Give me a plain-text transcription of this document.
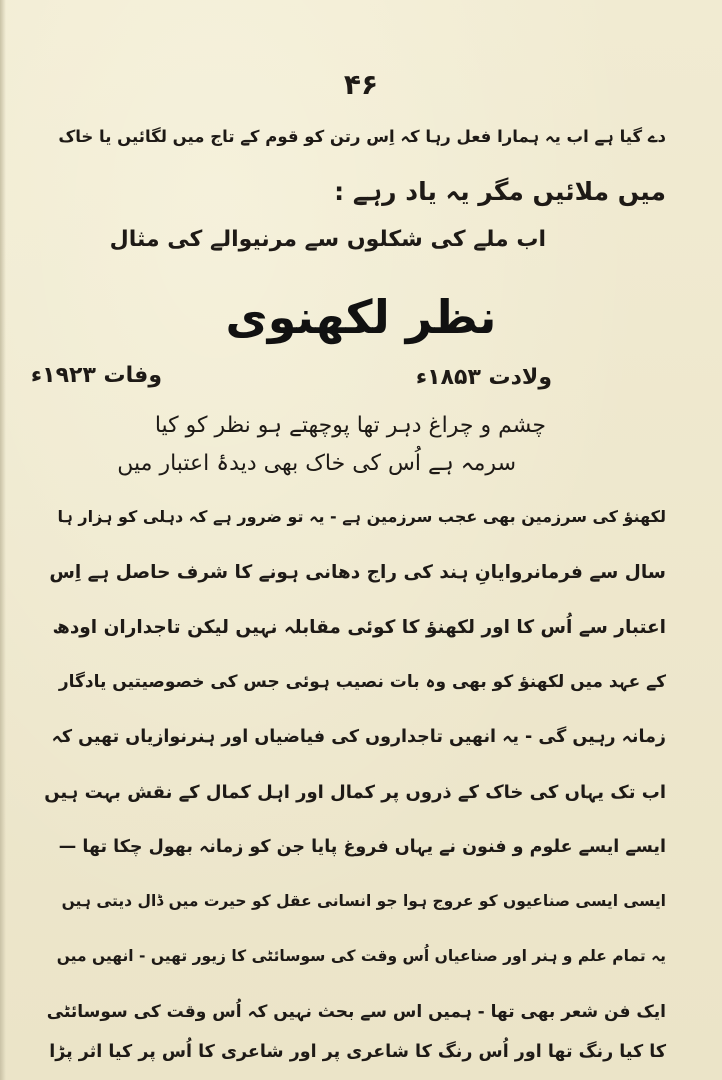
۴۶
دے گیا ہے اب یہ ہمارا فعل رہا کہ اِس رتن کو قوم کے تاج میں لگائیں یا خاک
میں ملائیں مگر یہ یاد رہے :
اب ملے کی شکلوں سے مرنیوالے کی مثال
نظر لکھنوی
ولادت ۱۸۵۳ء
وفات ۱۹۲۳ء
چشم و چراغ دہر تھا پوچھتے ہو نظر کو کیا
سرمہ ہے اُس کی خاک بھی دیدۂ اعتبار میں
لکھنؤ کی سرزمین بھی عجب سرزمین ہے - یہ تو ضرور ہے کہ دہلی کو ہزار ہا
سال سے فرمانروایانِ ہند کی راج دھانی ہونے کا شرف حاصل ہے اِس
اعتبار سے اُس کا اور لکھنؤ کا کوئی مقابلہ نہیں لیکن تاجداران اودھ
کے عہد میں لکھنؤ کو بھی وہ بات نصیب ہوئی جس کی خصوصیتیں یادگار
زمانہ رہیں گی - یہ انھیں تاجداروں کی فیاضیاں اور ہنرنوازیاں تھیں کہ
اب تک یہاں کی خاک کے ذروں پر کمال اور اہل کمال کے نقش بہت ہیں
ایسے ایسے علوم و فنون نے یہاں فروغ پایا جن کو زمانہ بھول چکا تھا —
ایسی ایسی صناعیوں کو عروج ہوا جو انسانی عقل کو حیرت میں ڈال دیتی ہیں
یہ تمام علم و ہنر اور صناعیاں اُس وقت کی سوسائٹی کا زیور تھیں - انھیں میں
ایک فن شعر بھی تھا - ہمیں اس سے بحث نہیں کہ اُس وقت کی سوسائٹی
کا کیا رنگ تھا اور اُس رنگ کا شاعری پر اور شاعری کا اُس پر کیا اثر پڑا
